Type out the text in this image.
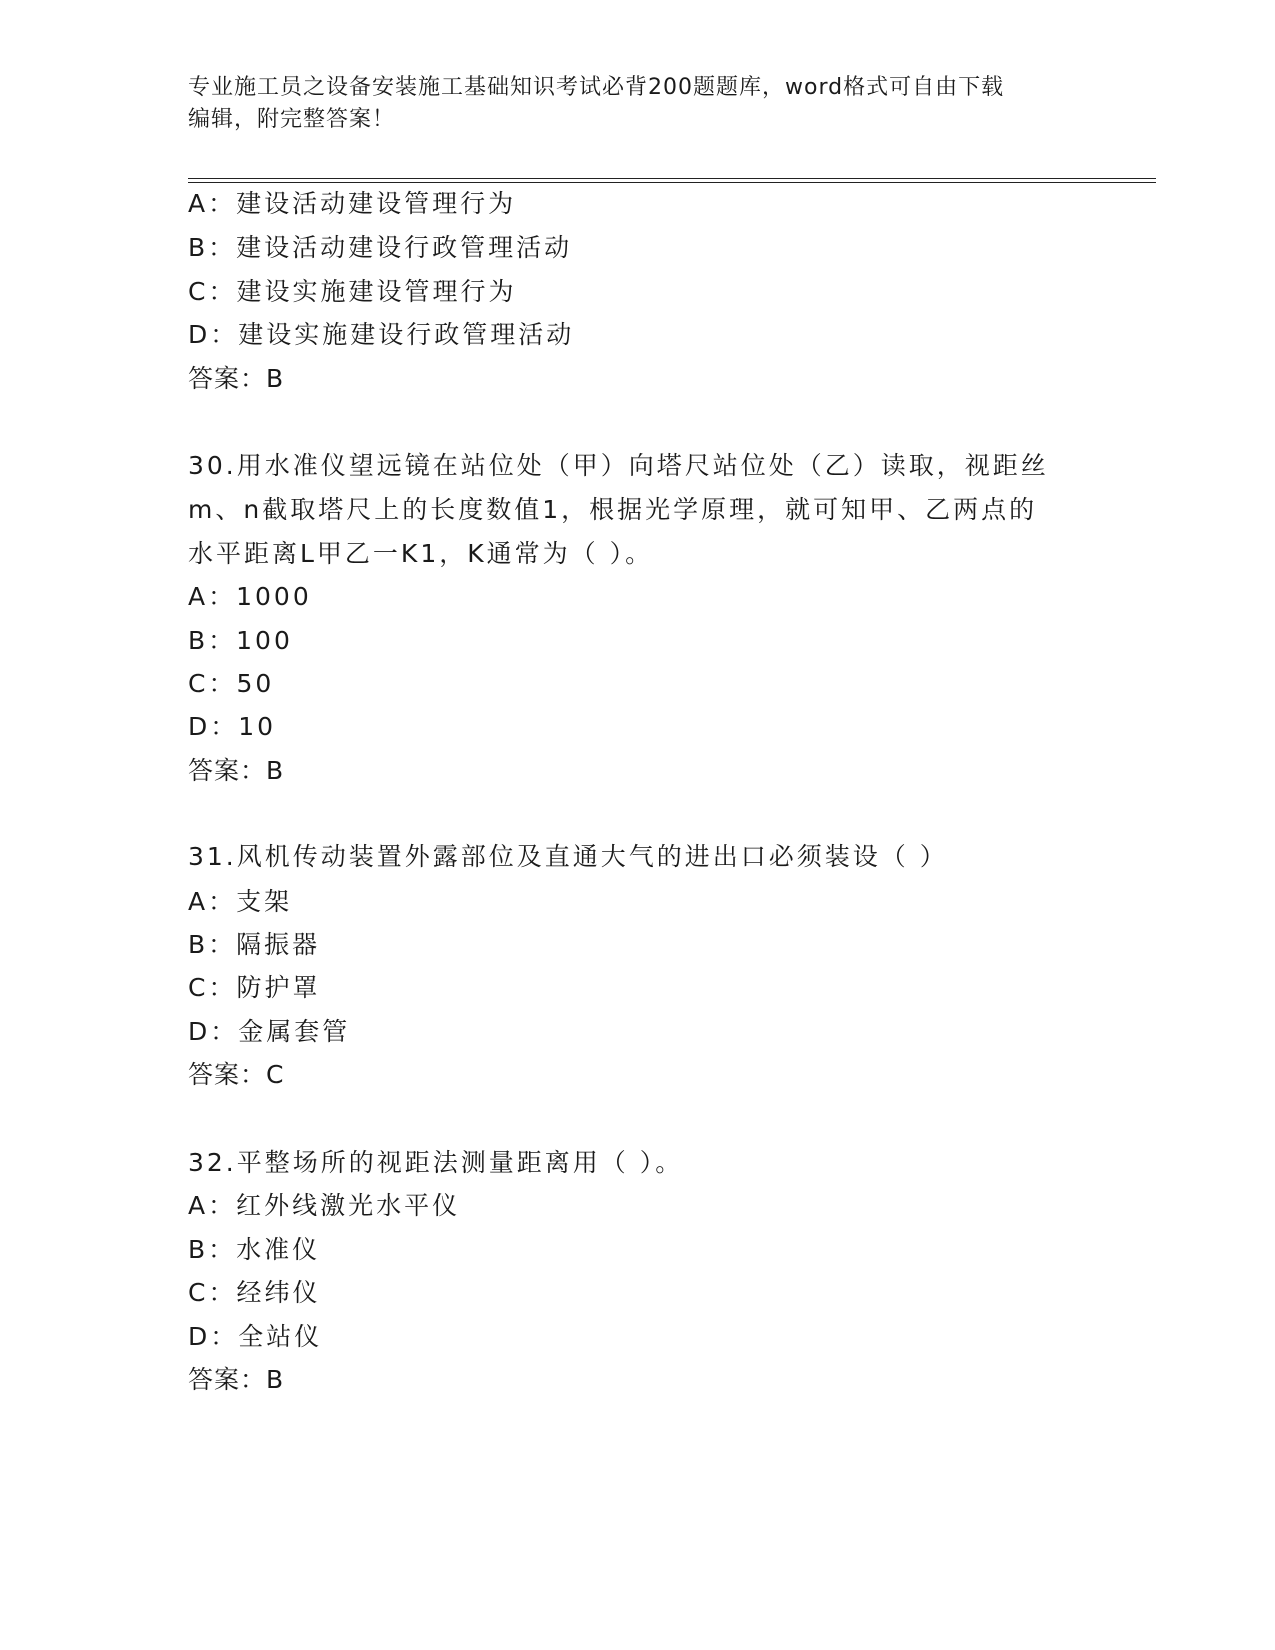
专业施工员之设备安装施工基础知识考试必背200题题库，word格式可自由下载
编辑，附完整答案！
A：建设活动建设管理行为
B：建设活动建设行政管理活动
C：建设实施建设管理行为
D：建设实施建设行政管理活动
答案：B
30.用水准仪望远镜在站位处（甲）向塔尺站位处（乙）读取，视距丝
m、n截取塔尺上的长度数值1，根据光学原理，就可知甲、乙两点的
水平距离L甲乙一K1，K通常为（ ）。
A：1000
B：100
C：50
D：10
答案：B
31.风机传动装置外露部位及直通大气的进出口必须装设（ ）
A：支架
B：隔振器
C：防护罩
D：金属套管
答案：C
32.平整场所的视距法测量距离用（ ）。
A：红外线激光水平仪
B：水准仪
C：经纬仪
D：全站仪
答案：B
